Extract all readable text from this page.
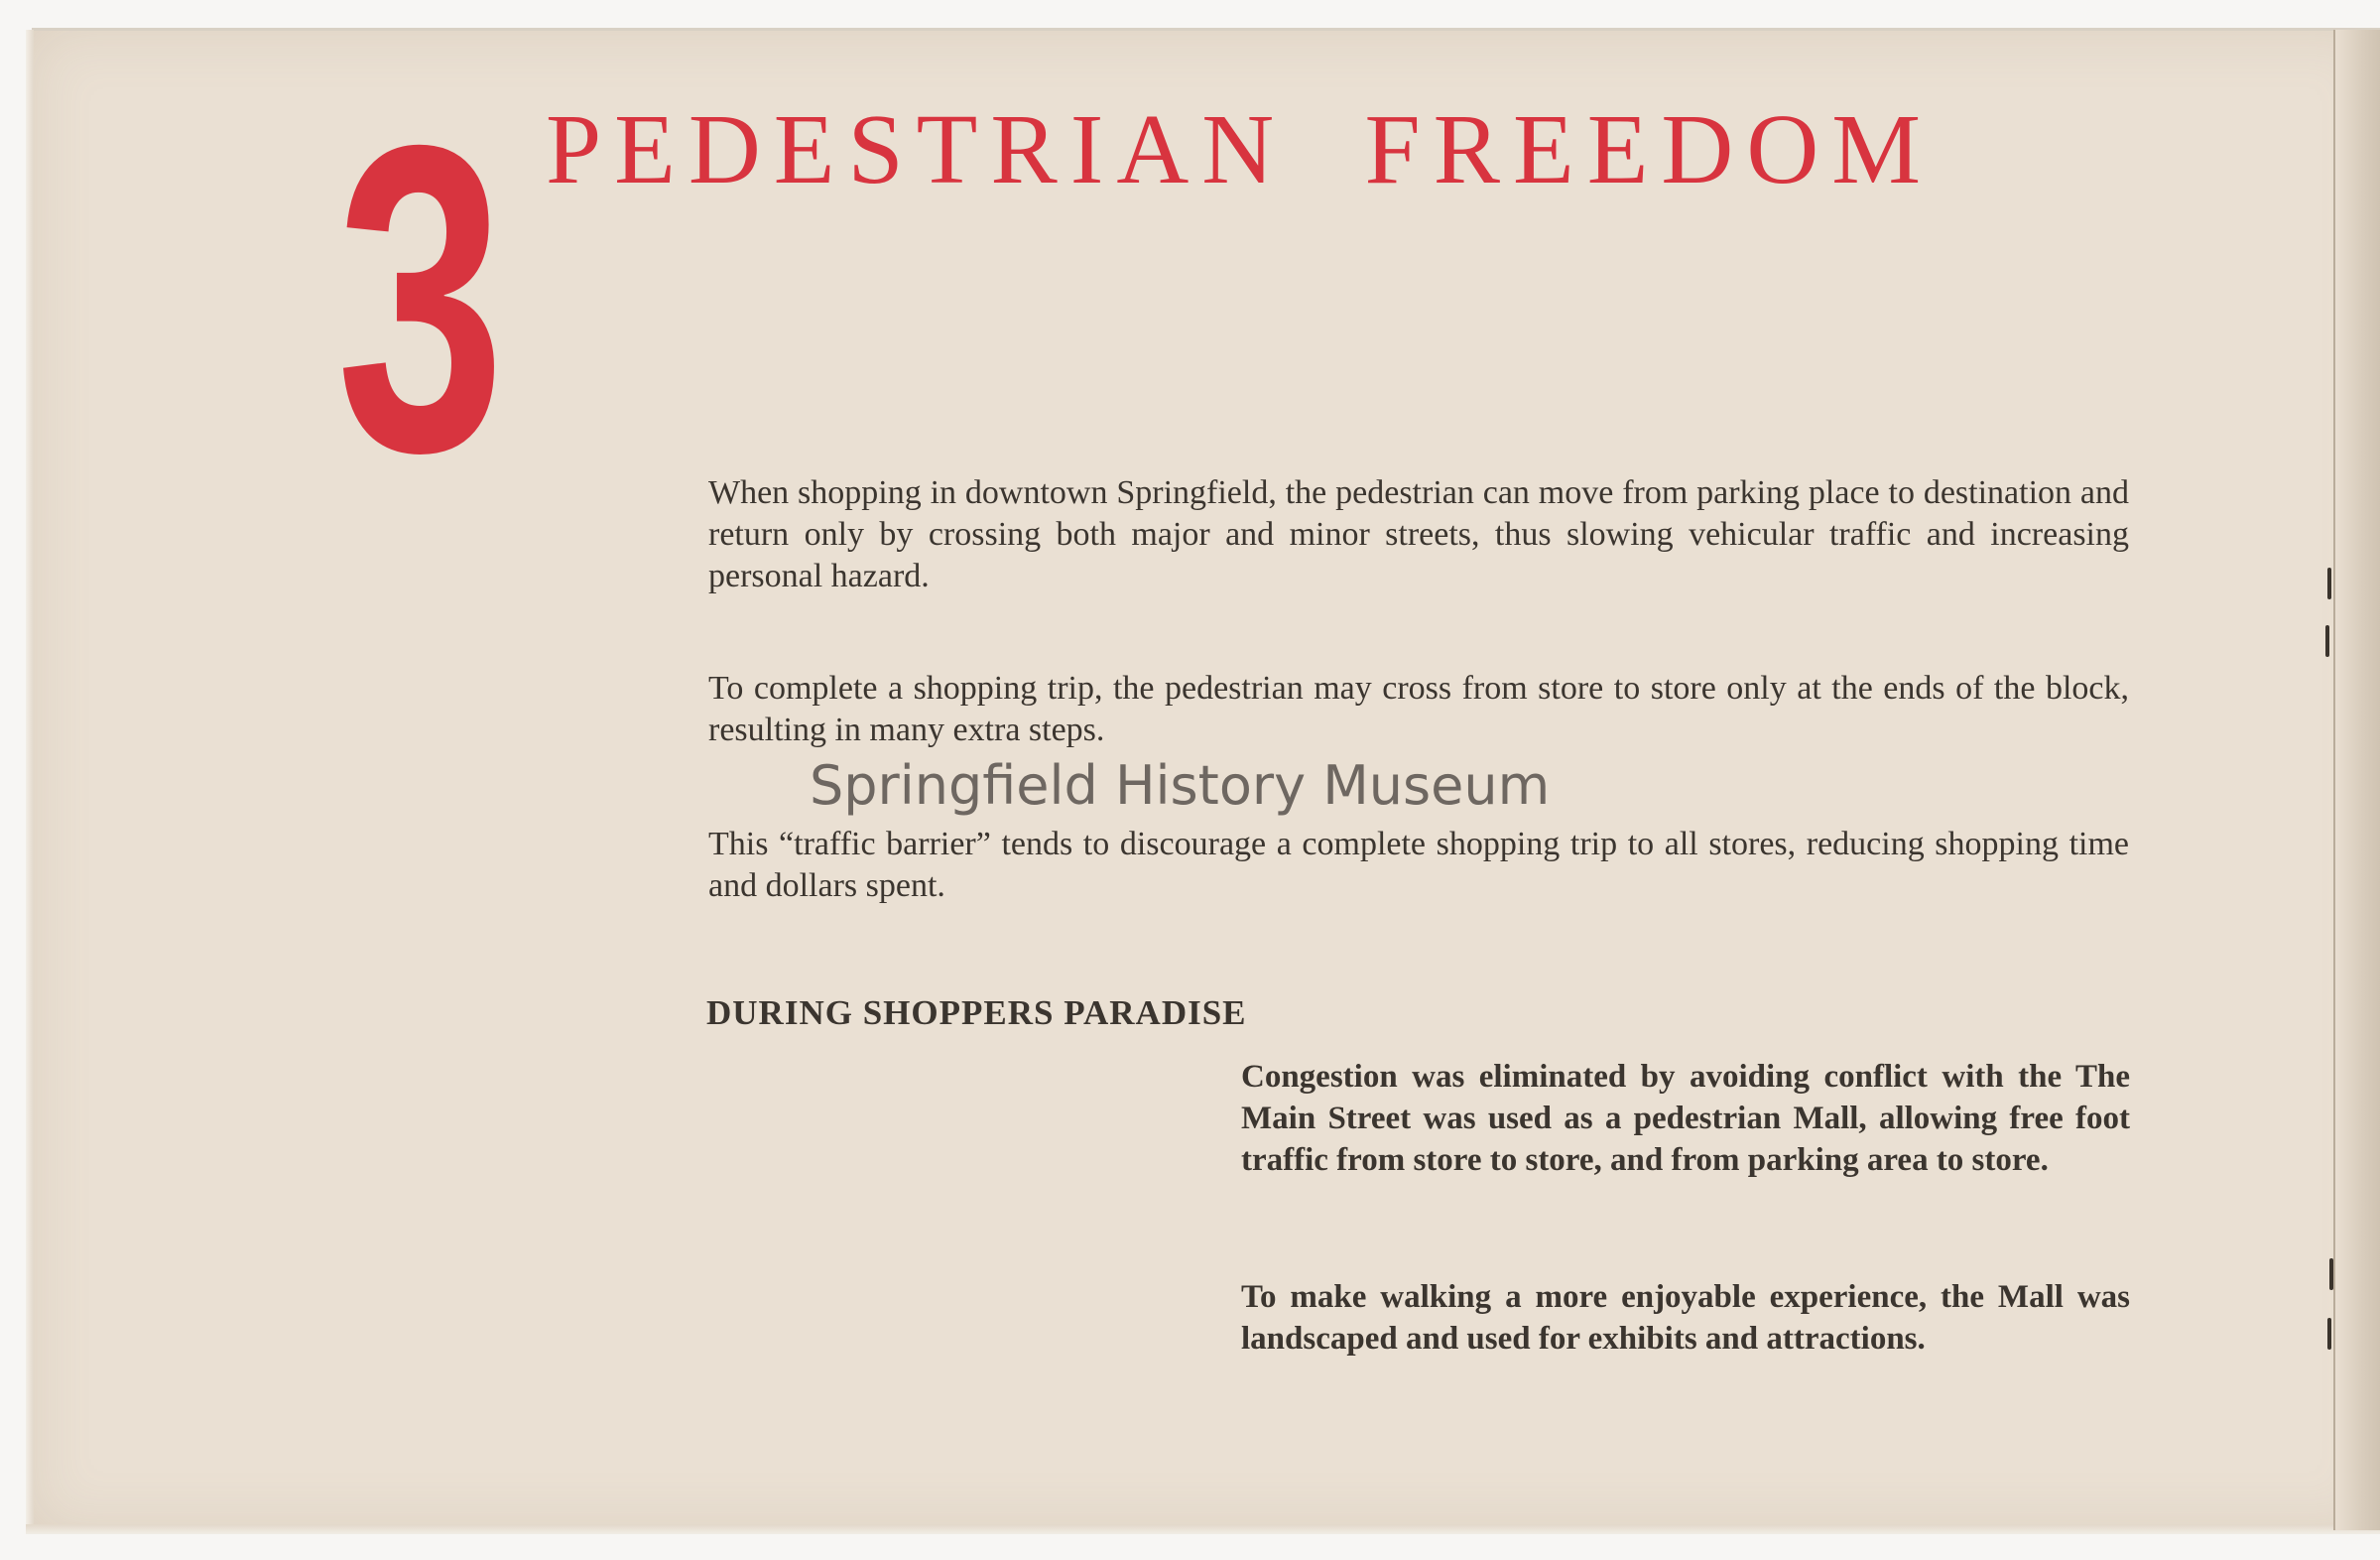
3 PEDESTRIAN FREEDOM

When shopping in downtown Springfield, the pedestrian can move from parking place to destination and return only by crossing both major and minor streets, thus slowing vehicular traffic and increasing personal hazard.

To complete a shopping trip, the pedestrian may cross from store to store only at the ends of the block, resulting in many extra steps.

Springfield History Museum

This “traffic barrier” tends to discourage a complete shopping trip to all stores, reducing shopping time and dollars spent.

DURING SHOPPERS PARADISE

Congestion was eliminated by avoiding conflict with the The Main Street was used as a pedestrian Mall, allowing free foot traffic from store to store, and from parking area to store.

To make walking a more enjoyable experience, the Mall was landscaped and used for exhibits and attractions.
